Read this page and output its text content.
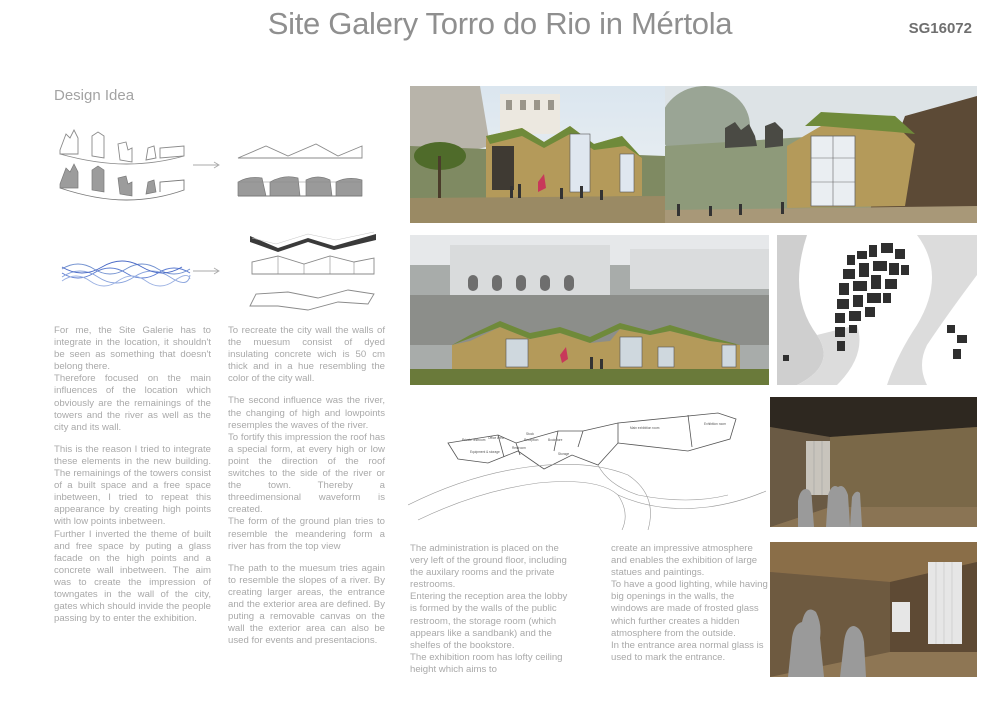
Site Galery Torro do Rio in Mértola	SG16072
Design Idea
Private restroom Office Area
Equipment & storage
Stock
Reception
Restroom
Bookstore
Storage
Main exhibition room
Exhibition room

For me, the Site Galerie has to integrate in the location, it shouldn't be seen as something that doesn't belong there.

Therefore focused on the main influences of the location which obviously are the remainings of the towers and the river as well as the city and its wall.

This is the reason I tried to integrate these elements in the new building. The remainings of the towers consist of a built space and a free space inbetween, I tried to repeat this appearance by creating high points with low points inbetween.

Further I inverted the theme of built and free space by puting a glass facade on the high points and a concrete wall inbetween. The aim was to create the impression of towngates in the wall of the city, gates which should invide the people passing by to enter the exhibition.

To recreate the city wall the walls of the muesum consist of dyed insulating concrete wich is 50 cm thick and in a hue resembling the color of the city wall.

The second influence was the river, the changing of high and lowpoints resemples the waves of the river.

To fortify this impression the roof has a special form, at every high or low point the direction of the roof switches to the side of the river or the town. Thereby a threedimensional waveform is created.

The form of the ground plan tries to resemble the meandering form a river has from the top view

The path to the muesum tries again to resemble the slopes of a river. By creating larger areas, the entrance and the exterior area are defined. By puting a removable canvas on the wall the exterior area can also be used for events and presentacions.

The administration is placed on the very left of the ground floor, including the auxilary rooms and the private restrooms.

Entering the reception area the lobby is formed by the walls of the public restroom, the storage room (which appears like a sandbank) and the shelfes of the bookstore.

The exhibition room has lofty ceiling height which aims to

create an impressive atmosphere and enables the exhibition of large statues and paintings.

To have a good lighting, while having big openings in the walls, the windows are made of frosted glass which further creates a hidden atmosphere from the outside.

In the entrance area normal glass is used to mark the entrance.
